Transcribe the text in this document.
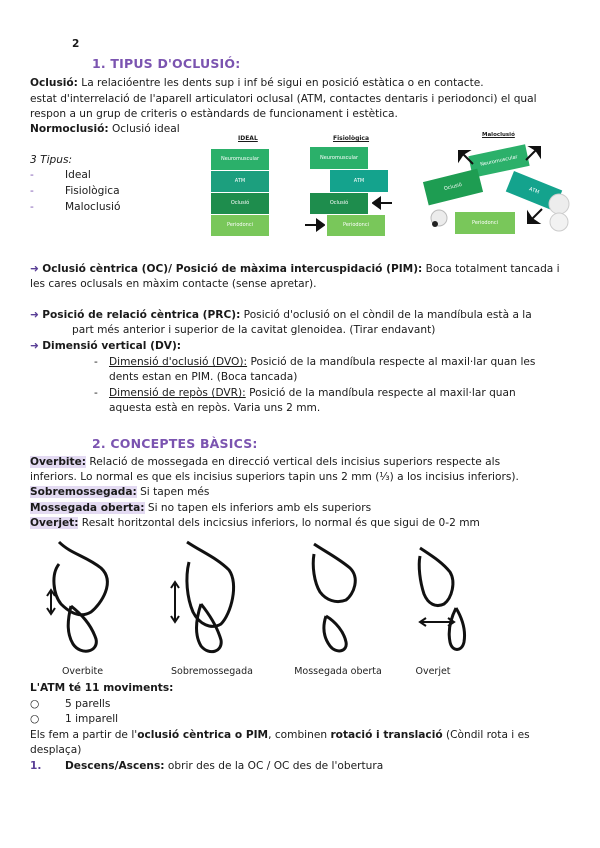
2
1. TIPUS D'OCLUSIÓ:
Oclusió: La relacióentre les dents sup i inf bé sigui en posició estàtica o en contacte.
estat d'interrelació de l'aparell articulatori oclusal (ATM, contactes dentaris i periodonci) el qual
respon a un grup de criteris o estàndards de funcionament i estètica.
Normoclusió: Oclusió ideal
3 Tipus:
-	Ideal
-	Fisiològica
-	Maloclusió
IDEAL
Neuromuscular
ATM
Oclusió
Periodonci
Fisiològica
Neuromuscular
ATM
Oclusió
Periodonci
Maloclusió
Neuromuscular
Oclusió	ATM
Periodonci
➜ Oclusió cèntrica (OC)/ Posició de màxima intercuspidació (PIM): Boca totalment tancada i
les cares oclusals en màxim contacte (sense apretar).
➜ Posició de relació cèntrica (PRC): Posició d'oclusió on el còndil de la mandíbula està a la
part més anterior i superior de la cavitat glenoidea. (Tirar endavant)
➜ Dimensió vertical (DV):
- Dimensió d'oclusió (DVO): Posició de la mandíbula respecte al maxil·lar quan les
dents estan en PIM. (Boca tancada)
- Dimensió de repòs (DVR): Posició de la mandíbula respecte al maxil·lar quan
aquesta està en repòs. Varia uns 2 mm.
2. CONCEPTES BÀSICS:
Overbite: Relació de mossegada en direcció vertical dels incisius superiors respecte als
inferiors. Lo normal es que els incisius superiors tapin uns 2 mm (⅓) a los incisius inferiors).
Sobremossegada: Si tapen més
Mossegada oberta: Si no tapen els inferiors amb els superiors
Overjet: Resalt horitzontal dels incicsius inferiors, lo normal és que sigui de 0-2 mm
Overbite	Sobremossegada	Mossegada oberta	Overjet
L'ATM té 11 moviments:
○ 5 parells
○ 1 imparell
Els fem a partir de l'oclusió cèntrica o PIM, combinen rotació i translació (Còndil rota i es
desplaça)
1. Descens/Ascens: obrir des de la OC / OC des de l'obertura
